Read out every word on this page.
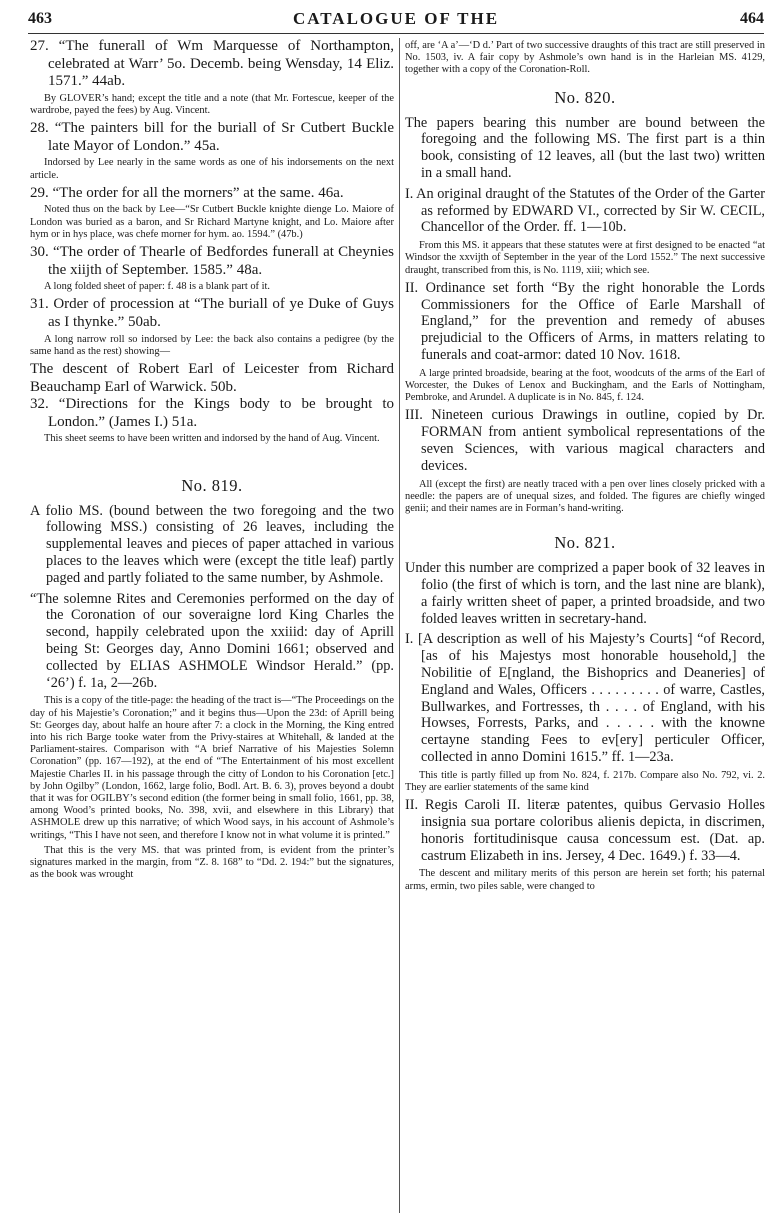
463	CATALOGUE OF THE	464

27. “The funerall of Wm Marquesse of Northampton, celebrated at Warr’ 5o. Decemb. being Wensday, 14 Eliz. 1571.” 44ab.

By GLOVER’s hand; except the title and a note (that Mr. Fortescue, keeper of the wardrobe, payed the fees) by Aug. Vincent.

28. “The painters bill for the buriall of Sr Cutbert Buckle late Mayor of London.” 45a.

Indorsed by Lee nearly in the same words as one of his indorsements on the next article.

29. “The order for all the morners” at the same. 46a.

Noted thus on the back by Lee—“Sr Cutbert Buckle knighte dienge Lo. Maiore of London was buried as a baron, and Sr Richard Martyne knight, and Lo. Maiore after hym or in hys place, was chefe morner for hym. ao. 1594.” (47b.)

30. “The order of Thearle of Bedfordes funerall at Cheynies the xiijth of September. 1585.” 48a.

A long folded sheet of paper: f. 48 is a blank part of it.

31. Order of procession at “The buriall of ye Duke of Guys as I thynke.” 50ab.

A long narrow roll so indorsed by Lee: the back also contains a pedigree (by the same hand as the rest) showing—

The descent of Robert Earl of Leicester from Richard Beauchamp Earl of Warwick. 50b.

32. “Directions for the Kings body to be brought to London.” (James I.) 51a.

This sheet seems to have been written and indorsed by the hand of Aug. Vincent.

No. 819.

A folio MS. (bound between the two foregoing and the two following MSS.) consisting of 26 leaves, including the supplemental leaves and pieces of paper attached in various places to the leaves which were (except the title leaf) partly paged and partly foliated to the same number, by Ashmole.

“The solemne Rites and Ceremonies performed on the day of the Coronation of our soveraigne lord King Charles the second, happily celebrated upon the xxiiid: day of Aprill being St: Georges day, Anno Domini 1661; observed and collected by ELIAS ASHMOLE Windsor Herald.” (pp. ‘26’) f. 1a, 2—26b.

This is a copy of the title-page: the heading of the tract is—“The Proceedings on the day of his Majestie’s Coronation;” and it begins thus—Upon the 23d: of Aprill being St: Georges day, about halfe an houre after 7: a clock in the Morning, the King entred into his rich Barge tooke water from the Privy-staires at Whitehall, & landed at the Parliament-staires. Comparison with “A brief Narrative of his Majesties Solemn Coronation” (pp. 167—192), at the end of “The Entertainment of his most excellent Majestie Charles II. in his passage through the citty of London to his Coronation [etc.] by John Ogilby” (London, 1662, large folio, Bodl. Art. B. 6. 3), proves beyond a doubt that it was for OGILBY’s second edition (the former being in small folio, 1661, pp. 38, among Wood’s printed books, No. 398, xvii, and elsewhere in this Library) that ASHMOLE drew up this narrative; of which Wood says, in his account of Ashmole’s writings, “This I have not seen, and therefore I know not in what volume it is printed.”

That this is the very MS. that was printed from, is evident from the printer’s signatures marked in the margin, from “Z. 8. 168” to “Dd. 2. 194:” but the signatures, as the book was wrought

off, are ‘A a’—‘D d.’ Part of two successive draughts of this tract are still preserved in No. 1503, iv. A fair copy by Ashmole’s own hand is in the Harleian MS. 4129, together with a copy of the Coronation-Roll.

No. 820.

The papers bearing this number are bound between the foregoing and the following MS. The first part is a thin book, consisting of 12 leaves, all (but the last two) written in a small hand.

I. An original draught of the Statutes of the Order of the Garter as reformed by EDWARD VI., corrected by Sir W. CECIL, Chancellor of the Order. ff. 1—10b.

From this MS. it appears that these statutes were at first designed to be enacted “at Windsor the xxvijth of September in the year of the Lord 1552.” The next successive draught, transcribed from this, is No. 1119, xiii; which see.

II. Ordinance set forth “By the right honorable the Lords Commissioners for the Office of Earle Marshall of England,” for the prevention and remedy of abuses prejudicial to the Officers of Arms, in matters relating to funerals and coat-armor: dated 10 Nov. 1618.

A large printed broadside, bearing at the foot, woodcuts of the arms of the Earl of Worcester, the Dukes of Lenox and Buckingham, and the Earls of Nottingham, Pembroke, and Arundel. A duplicate is in No. 845, f. 124.

III. Nineteen curious Drawings in outline, copied by Dr. FORMAN from antient symbolical representations of the seven Sciences, with various magical characters and devices.

All (except the first) are neatly traced with a pen over lines closely pricked with a needle: the papers are of unequal sizes, and folded. The figures are chiefly winged genii; and their names are in Forman’s hand-writing.

No. 821.

Under this number are comprized a paper book of 32 leaves in folio (the first of which is torn, and the last nine are blank), a fairly written sheet of paper, a printed broadside, and two folded leaves written in secretary-hand.

I. [A description as well of his Majesty’s Courts] “of Record, [as of his Majestys most honorable household,] the Nobilitie of E[ngland, the Bishoprics and Deaneries] of England and Wales, Officers . . . . . . . . . of warre, Castles, Bullwarkes, and Fortresses, th . . . . of England, with his Howses, Forrests, Parks, and . . . . . with the knowne certayne standing Fees to ev[ery] perticuler Officer, collected in anno Domini 1615.” ff. 1—23a.

This title is partly filled up from No. 824, f. 217b. Compare also No. 792, vi. 2. They are earlier statements of the same kind

II. Regis Caroli II. literæ patentes, quibus Gervasio Holles insignia sua portare coloribus alienis depicta, in discrimen, honoris fortitudinisque causa concessum est. (Dat. ap. castrum Elizabeth in ins. Jersey, 4 Dec. 1649.) f. 33—4.

The descent and military merits of this person are herein set forth; his paternal arms, ermin, two piles sable, were changed to
